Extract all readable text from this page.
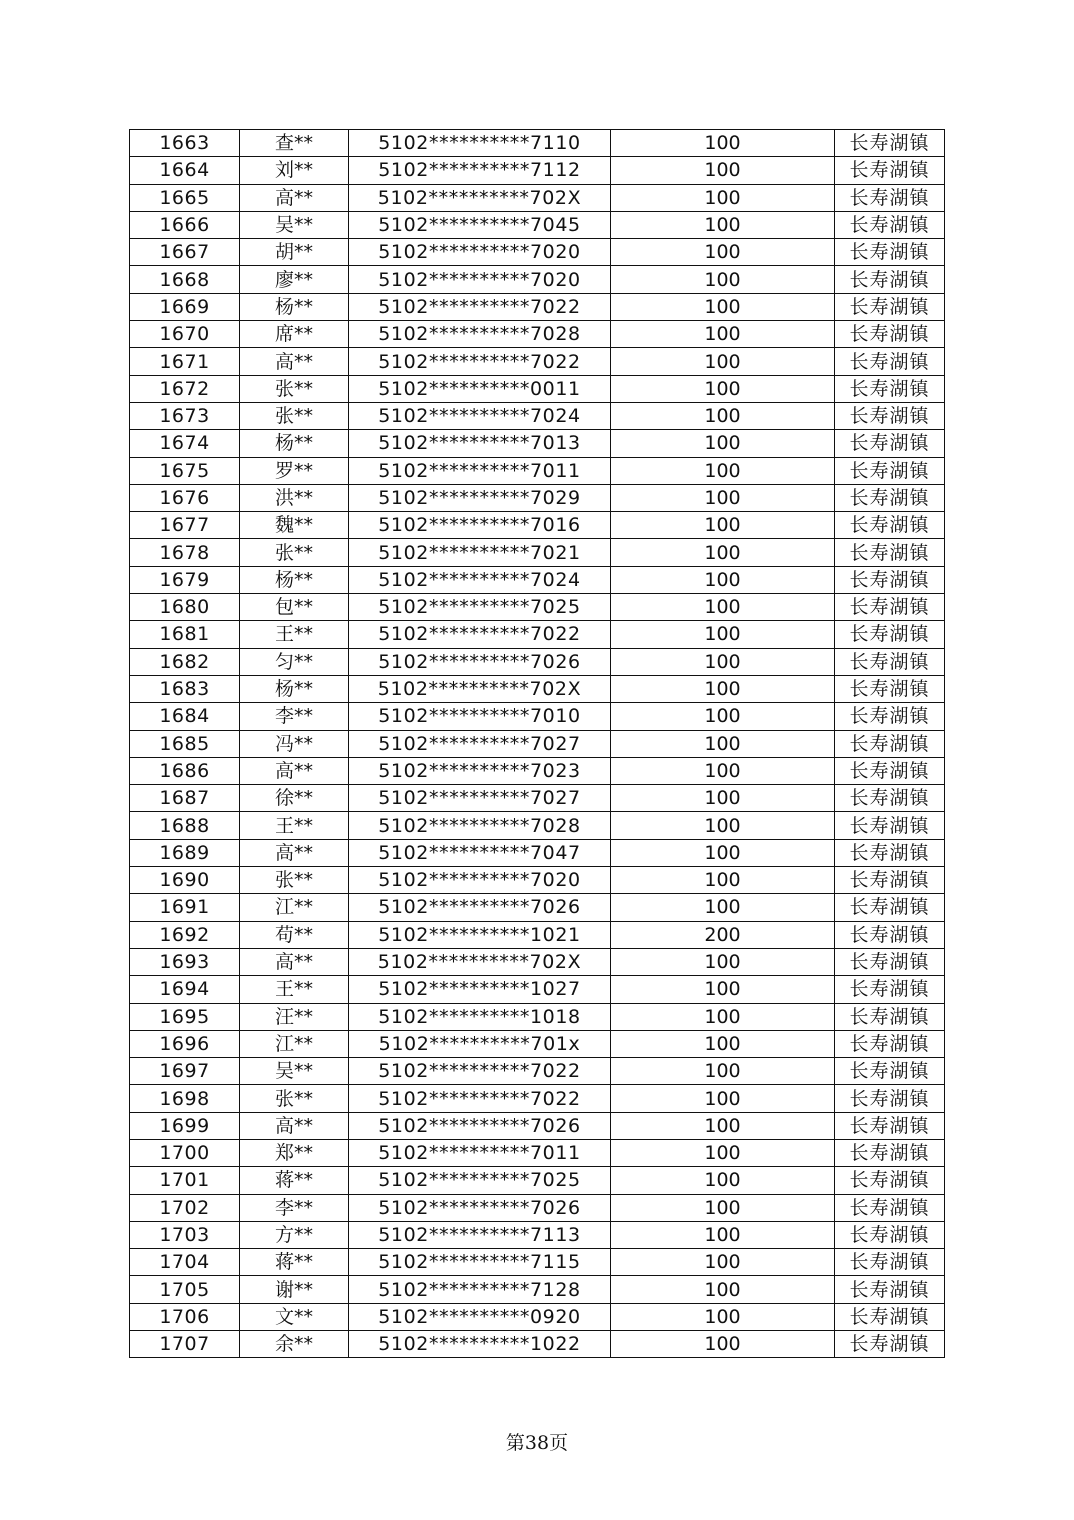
1663	查**	5102**********7110	100	长寿湖镇
1664	刘**	5102**********7112	100	长寿湖镇
1665	高**	5102**********702X	100	长寿湖镇
1666	吴**	5102**********7045	100	长寿湖镇
1667	胡**	5102**********7020	100	长寿湖镇
1668	廖**	5102**********7020	100	长寿湖镇
1669	杨**	5102**********7022	100	长寿湖镇
1670	席**	5102**********7028	100	长寿湖镇
1671	高**	5102**********7022	100	长寿湖镇
1672	张**	5102**********0011	100	长寿湖镇
1673	张**	5102**********7024	100	长寿湖镇
1674	杨**	5102**********7013	100	长寿湖镇
1675	罗**	5102**********7011	100	长寿湖镇
1676	洪**	5102**********7029	100	长寿湖镇
1677	魏**	5102**********7016	100	长寿湖镇
1678	张**	5102**********7021	100	长寿湖镇
1679	杨**	5102**********7024	100	长寿湖镇
1680	包**	5102**********7025	100	长寿湖镇
1681	王**	5102**********7022	100	长寿湖镇
1682	匀**	5102**********7026	100	长寿湖镇
1683	杨**	5102**********702X	100	长寿湖镇
1684	李**	5102**********7010	100	长寿湖镇
1685	冯**	5102**********7027	100	长寿湖镇
1686	高**	5102**********7023	100	长寿湖镇
1687	徐**	5102**********7027	100	长寿湖镇
1688	王**	5102**********7028	100	长寿湖镇
1689	高**	5102**********7047	100	长寿湖镇
1690	张**	5102**********7020	100	长寿湖镇
1691	江**	5102**********7026	100	长寿湖镇
1692	苟**	5102**********1021	200	长寿湖镇
1693	高**	5102**********702X	100	长寿湖镇
1694	王**	5102**********1027	100	长寿湖镇
1695	汪**	5102**********1018	100	长寿湖镇
1696	江**	5102**********701x	100	长寿湖镇
1697	吴**	5102**********7022	100	长寿湖镇
1698	张**	5102**********7022	100	长寿湖镇
1699	高**	5102**********7026	100	长寿湖镇
1700	郑**	5102**********7011	100	长寿湖镇
1701	蒋**	5102**********7025	100	长寿湖镇
1702	李**	5102**********7026	100	长寿湖镇
1703	方**	5102**********7113	100	长寿湖镇
1704	蒋**	5102**********7115	100	长寿湖镇
1705	谢**	5102**********7128	100	长寿湖镇
1706	文**	5102**********0920	100	长寿湖镇
1707	余**	5102**********1022	100	长寿湖镇
第38页
